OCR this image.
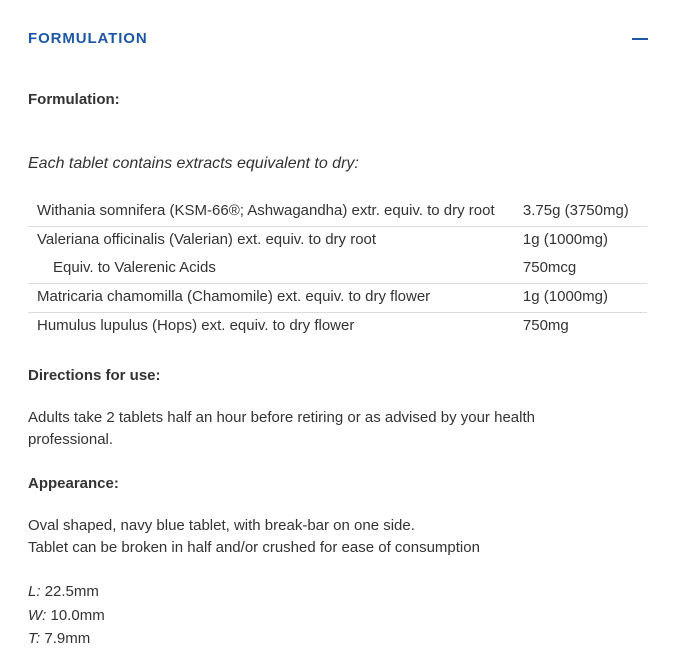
FORMULATION
Formulation:
Each tablet contains extracts equivalent to dry:
Withania somnifera (KSM-66®; Ashwagandha) extr. equiv. to dry root	3.75g (3750mg)
Valeriana officinalis (Valerian) ext. equiv. to dry root	1g (1000mg)
Equiv. to Valerenic Acids	750mcg
Matricaria chamomilla (Chamomile) ext. equiv. to dry flower	1g (1000mg)
Humulus lupulus (Hops) ext. equiv. to dry flower	750mg
Directions for use:
Adults take 2 tablets half an hour before retiring or as advised by your health professional.
Appearance:
Oval shaped, navy blue tablet, with break-bar on one side.
Tablet can be broken in half and/or crushed for ease of consumption
L: 22.5mm
W: 10.0mm
T: 7.9mm
